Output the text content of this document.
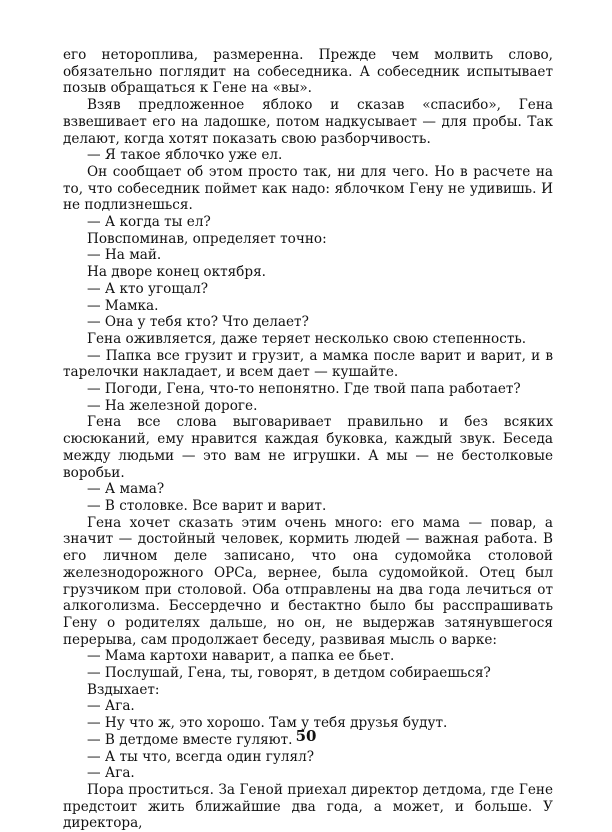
его неторопливa, размеренна. Прежде чем молвить слово, обязательно поглядит на собеседника. А собеседник испытывает позыв обращаться к Гене на «вы».

Взяв предложенное яблоко и сказав «спасибо», Гена взвешивает его на ладошке, потом надкусывает — для пробы. Так делают, когда хотят показать свою разборчивость.

— Я такое яблочко уже ел.

Он сообщает об этом просто так, ни для чего. Но в расчете на то, что собеседник поймет как надо: яблочком Гену не удивишь. И не подлизнешься.

— А когда ты ел?

Повспоминав, определяет точно:

— На май.

На дворе конец октября.

— А кто угощал?

— Мамка.

— Она у тебя кто? Что делает?

Гена оживляется, даже теряет несколько свою степенность.

— Папка все грузит и грузит, а мамка после варит и варит, и в тарелочки накладает, и всем дает — кушайте.

— Погоди, Гена, что-то непонятно. Где твой папа работает?

— На железной дороге.

Гена все слова выговаривает правильно и без всяких сюсюканий, ему нравится каждая буковка, каждый звук. Беседа между людьми — это вам не игрушки. А мы — не бестолковые воробьи.

— А мама?

— В столовке. Все варит и варит.

Гена хочет сказать этим очень много: его мама — повар, а значит — достойный человек, кормить людей — важная работа. В его личном деле записано, что она судомойка столовой железнодорожного ОРСа, вернее, была судомойкой. Отец был грузчиком при столовой. Оба отправлены на два года лечиться от алкоголизма. Бессердечно и бестактно было бы расспрашивать Гену о родителях дальше, но он, не выдержав затянувшегося перерыва, сам продолжает беседу, развивая мысль о варке:

— Мама картохи наварит, а папка ее бьет.

— Послушай, Гена, ты, говорят, в детдом собираешься?

Вздыхает:

— Ага.

— Ну что ж, это хорошо. Там у тебя друзья будут.

— В детдоме вместе гуляют.

— А ты что, всегда один гулял?

— Ага.

Пора проститься. За Геной приехал директор детдома, где Гене предстоит жить ближайшие два года, а может, и больше. У директора,

50
